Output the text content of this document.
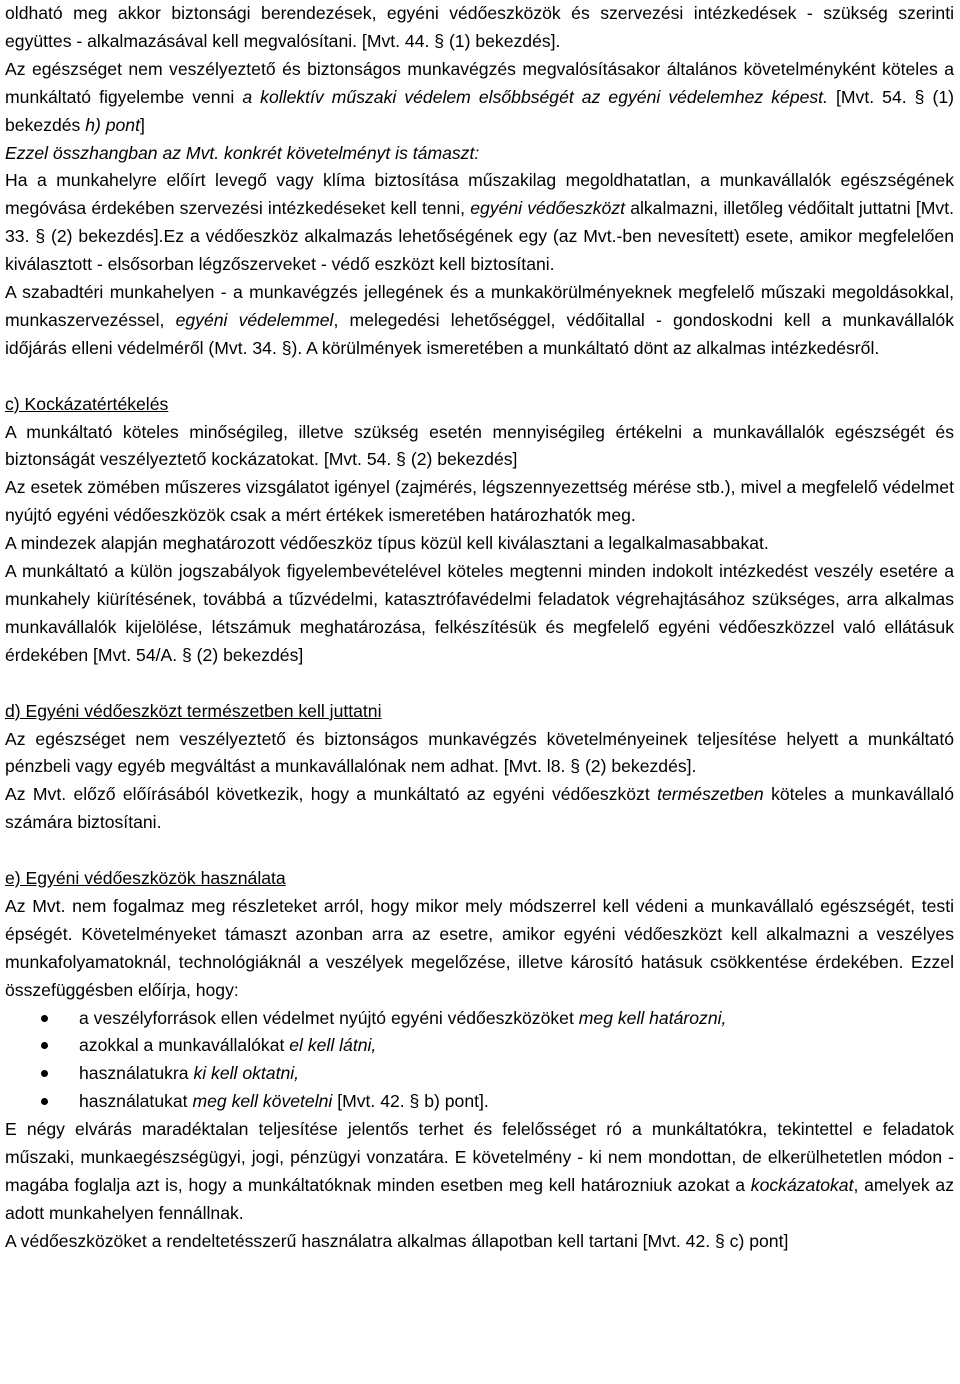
oldható meg akkor biztonsági berendezések, egyéni védőeszközök és szervezési intézkedések - szükség szerinti együttes - alkalmazásával kell megvalósítani. [Mvt. 44. § (1) bekezdés].

Az egészséget nem veszélyeztető és biztonságos munkavégzés megvalósításakor általános követelményként köteles a munkáltató figyelembe venni a kollektív műszaki védelem elsőbbségét az egyéni védelemhez képest. [Mvt. 54. § (1) bekezdés h) pont]

Ezzel összhangban az Mvt. konkrét követelményt is támaszt:

Ha a munkahelyre előírt levegő vagy klíma biztosítása műszakilag megoldhatatlan, a munkavállalók egészségének megóvása érdekében szervezési intézkedéseket kell tenni, egyéni védőeszközt alkalmazni, illetőleg védőitalt juttatni [Mvt. 33. § (2) bekezdés].Ez a védőeszköz alkalmazás lehetőségének egy (az Mvt.-ben nevesített) esete, amikor megfelelően kiválasztott - elsősorban légzőszerveket - védő eszközt kell biztosítani.

A szabadtéri munkahelyen - a munkavégzés jellegének és a munkakörülményeknek megfelelő műszaki megoldásokkal, munkaszervezéssel, egyéni védelemmel, melegedési lehetőséggel, védőitallal - gondoskodni kell a munkavállalók időjárás elleni védelméről (Mvt. 34. §). A körülmények ismeretében a munkáltató dönt az alkalmas intézkedésről.

c) Kockázatértékelés

A munkáltató köteles minőségileg, illetve szükség esetén mennyiségileg értékelni a munkavállalók egészségét és biztonságát veszélyeztető kockázatokat. [Mvt. 54. § (2) bekezdés]

Az esetek zömében műszeres vizsgálatot igényel (zajmérés, légszennyezettség mérése stb.), mivel a megfelelő védelmet nyújtó egyéni védőeszközök csak a mért értékek ismeretében határozhatók meg.

A mindezek alapján meghatározott védőeszköz típus közül kell kiválasztani a legalkalmasabbakat.

A munkáltató a külön jogszabályok figyelembevételével köteles megtenni minden indokolt intézkedést veszély esetére a munkahely kiürítésének, továbbá a tűzvédelmi, katasztrófavédelmi feladatok végrehajtásához szükséges, arra alkalmas munkavállalók kijelölése, létszámuk meghatározása, felkészítésük és megfelelő egyéni védőeszközzel való ellátásuk érdekében [Mvt. 54/A. § (2) bekezdés]

d) Egyéni védőeszközt természetben kell juttatni

Az egészséget nem veszélyeztető és biztonságos munkavégzés követelményeinek teljesítése helyett a munkáltató pénzbeli vagy egyéb megváltást a munkavállalónak nem adhat. [Mvt. l8. § (2) bekezdés].

Az Mvt. előző előírásából következik, hogy a munkáltató az egyéni védőeszközt természetben köteles a munkavállaló számára biztosítani.

e) Egyéni védőeszközök használata

Az Mvt. nem fogalmaz meg részleteket arról, hogy mikor mely módszerrel kell védeni a munkavállaló egészségét, testi épségét. Követelményeket támaszt azonban arra az esetre, amikor egyéni védőeszközt kell alkalmazni a veszélyes munkafolyamatoknál, technológiáknál a veszélyek megelőzése, illetve károsító hatásuk csökkentése érdekében. Ezzel összefüggésben előírja, hogy:

a veszélyforrások ellen védelmet nyújtó egyéni védőeszközöket meg kell határozni,
azokkal a munkavállalókat el kell látni,
használatukra ki kell oktatni,
használatukat meg kell követelni [Mvt. 42. § b) pont].

E négy elvárás maradéktalan teljesítése jelentős terhet és felelősséget ró a munkáltatókra, tekintettel e feladatok műszaki, munkaegészségügyi, jogi, pénzügyi vonzatára. E követelmény - ki nem mondottan, de elkerülhetetlen módon - magába foglalja azt is, hogy a munkáltatóknak minden esetben meg kell határozniuk azokat a kockázatokat, amelyek az adott munkahelyen fennállnak.

A védőeszközöket a rendeltetésszerű használatra alkalmas állapotban kell tartani [Mvt. 42. § c) pont]
